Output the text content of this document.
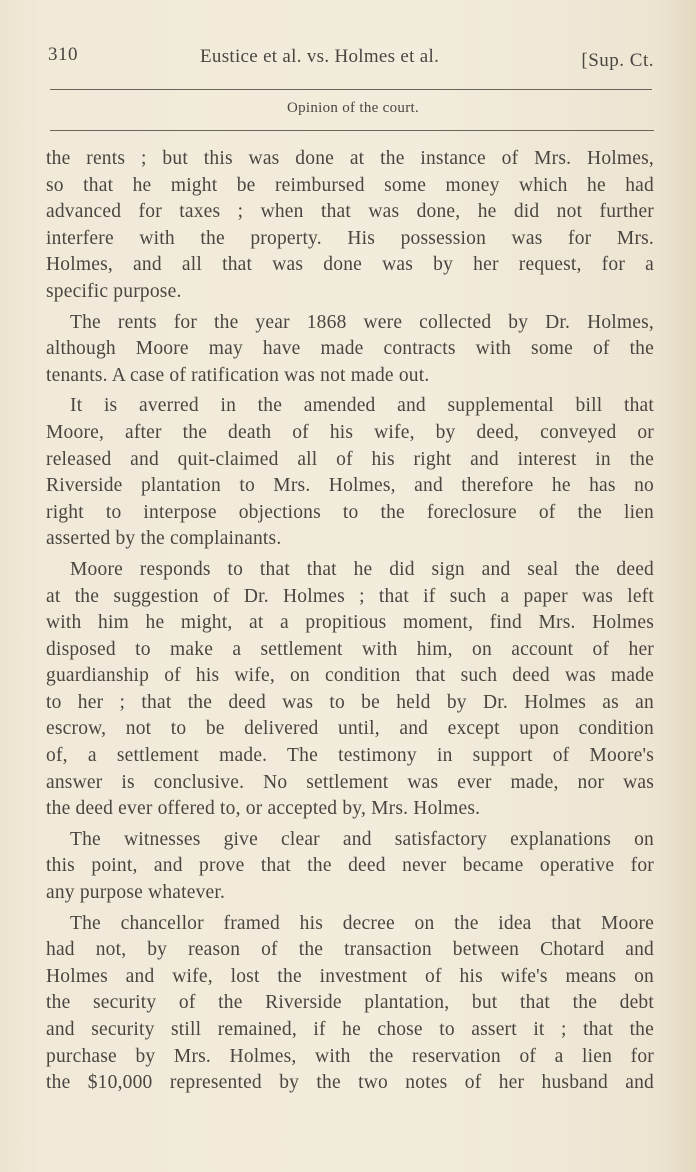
310	Eustice et al. vs. Holmes et al.	[Sup. Ct.
Opinion of the court.
the rents ; but this was done at the instance of Mrs. Holmes,
so that he might be reimbursed some money which he had
advanced for taxes ; when that was done, he did not further
interfere with the property. His possession was for Mrs.
Holmes, and all that was done was by her request, for a
specific purpose.
The rents for the year 1868 were collected by Dr. Holmes,
although Moore may have made contracts with some of the
tenants. A case of ratification was not made out.
It is averred in the amended and supplemental bill that
Moore, after the death of his wife, by deed, conveyed or
released and quit-claimed all of his right and interest in the
Riverside plantation to Mrs. Holmes, and therefore he has no
right to interpose objections to the foreclosure of the lien
asserted by the complainants.
Moore responds to that that he did sign and seal the deed
at the suggestion of Dr. Holmes ; that if such a paper was left
with him he might, at a propitious moment, find Mrs. Holmes
disposed to make a settlement with him, on account of her
guardianship of his wife, on condition that such deed was made
to her ; that the deed was to be held by Dr. Holmes as an
escrow, not to be delivered until, and except upon condition
of, a settlement made. The testimony in support of Moore's
answer is conclusive. No settlement was ever made, nor was
the deed ever offered to, or accepted by, Mrs. Holmes.
The witnesses give clear and satisfactory explanations on
this point, and prove that the deed never became operative for
any purpose whatever.
The chancellor framed his decree on the idea that Moore
had not, by reason of the transaction between Chotard and
Holmes and wife, lost the investment of his wife's means on
the security of the Riverside plantation, but that the debt
and security still remained, if he chose to assert it ; that the
purchase by Mrs. Holmes, with the reservation of a lien for
the $10,000 represented by the two notes of her husband and
